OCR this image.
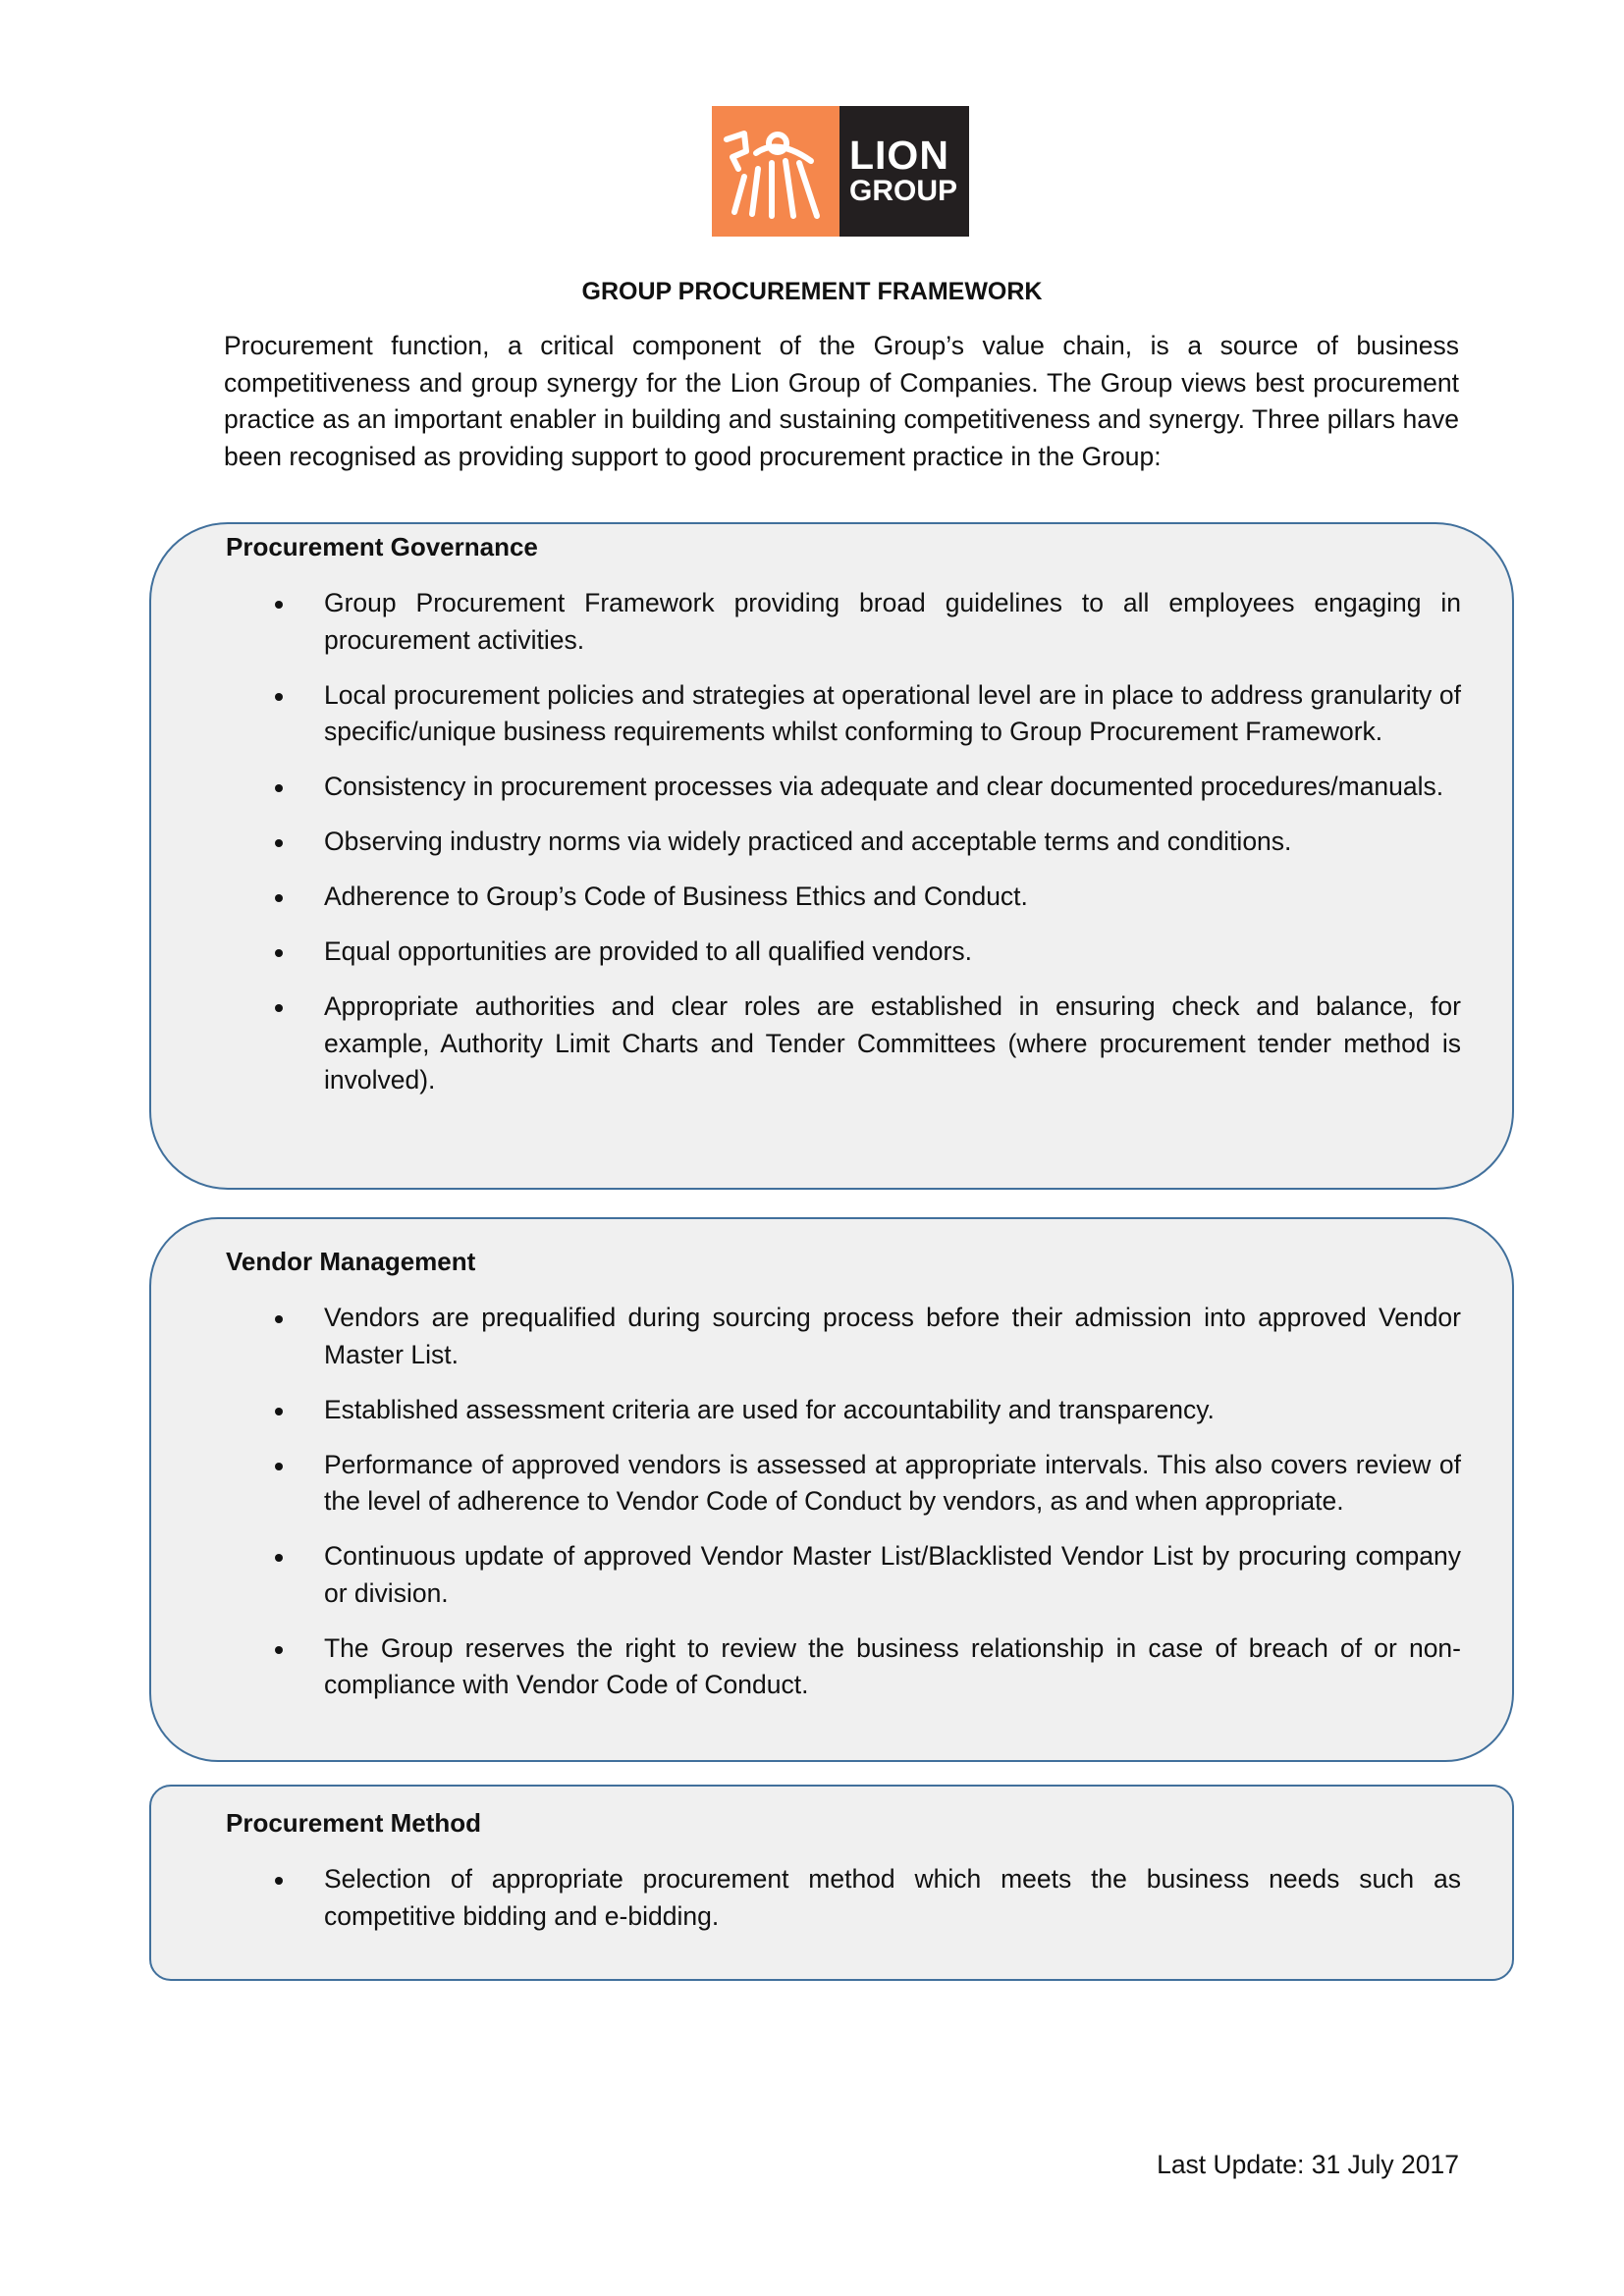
LION
GROUP
GROUP PROCUREMENT FRAMEWORK
Procurement function, a critical component of the Group’s value chain, is a source of business competitiveness and group synergy for the Lion Group of Companies. The Group views best procurement practice as an important enabler in building and sustaining competitiveness and synergy. Three pillars have been recognised as providing support to good procurement practice in the Group:
Procurement Governance
Group Procurement Framework providing broad guidelines to all employees engaging in procurement activities.
Local procurement policies and strategies at operational level are in place to address granularity of specific/unique business requirements whilst conforming to Group Procurement Framework.
Consistency in procurement processes via adequate and clear documented procedures/manuals.
Observing industry norms via widely practiced and acceptable terms and conditions.
Adherence to Group’s Code of Business Ethics and Conduct.
Equal opportunities are provided to all qualified vendors.
Appropriate authorities and clear roles are established in ensuring check and balance, for example, Authority Limit Charts and Tender Committees (where procurement tender method is involved).
Vendor Management
Vendors are prequalified during sourcing process before their admission into approved Vendor Master List.
Established assessment criteria are used for accountability and transparency.
Performance of approved vendors is assessed at appropriate intervals. This also covers review of the level of adherence to Vendor Code of Conduct by vendors, as and when appropriate.
Continuous update of approved Vendor Master List/Blacklisted Vendor List by procuring company or division.
The Group reserves the right to review the business relationship in case of breach of or non-compliance with Vendor Code of Conduct.
Procurement Method
Selection of appropriate procurement method which meets the business needs such as competitive bidding and e-bidding.
Last Update: 31 July 2017
